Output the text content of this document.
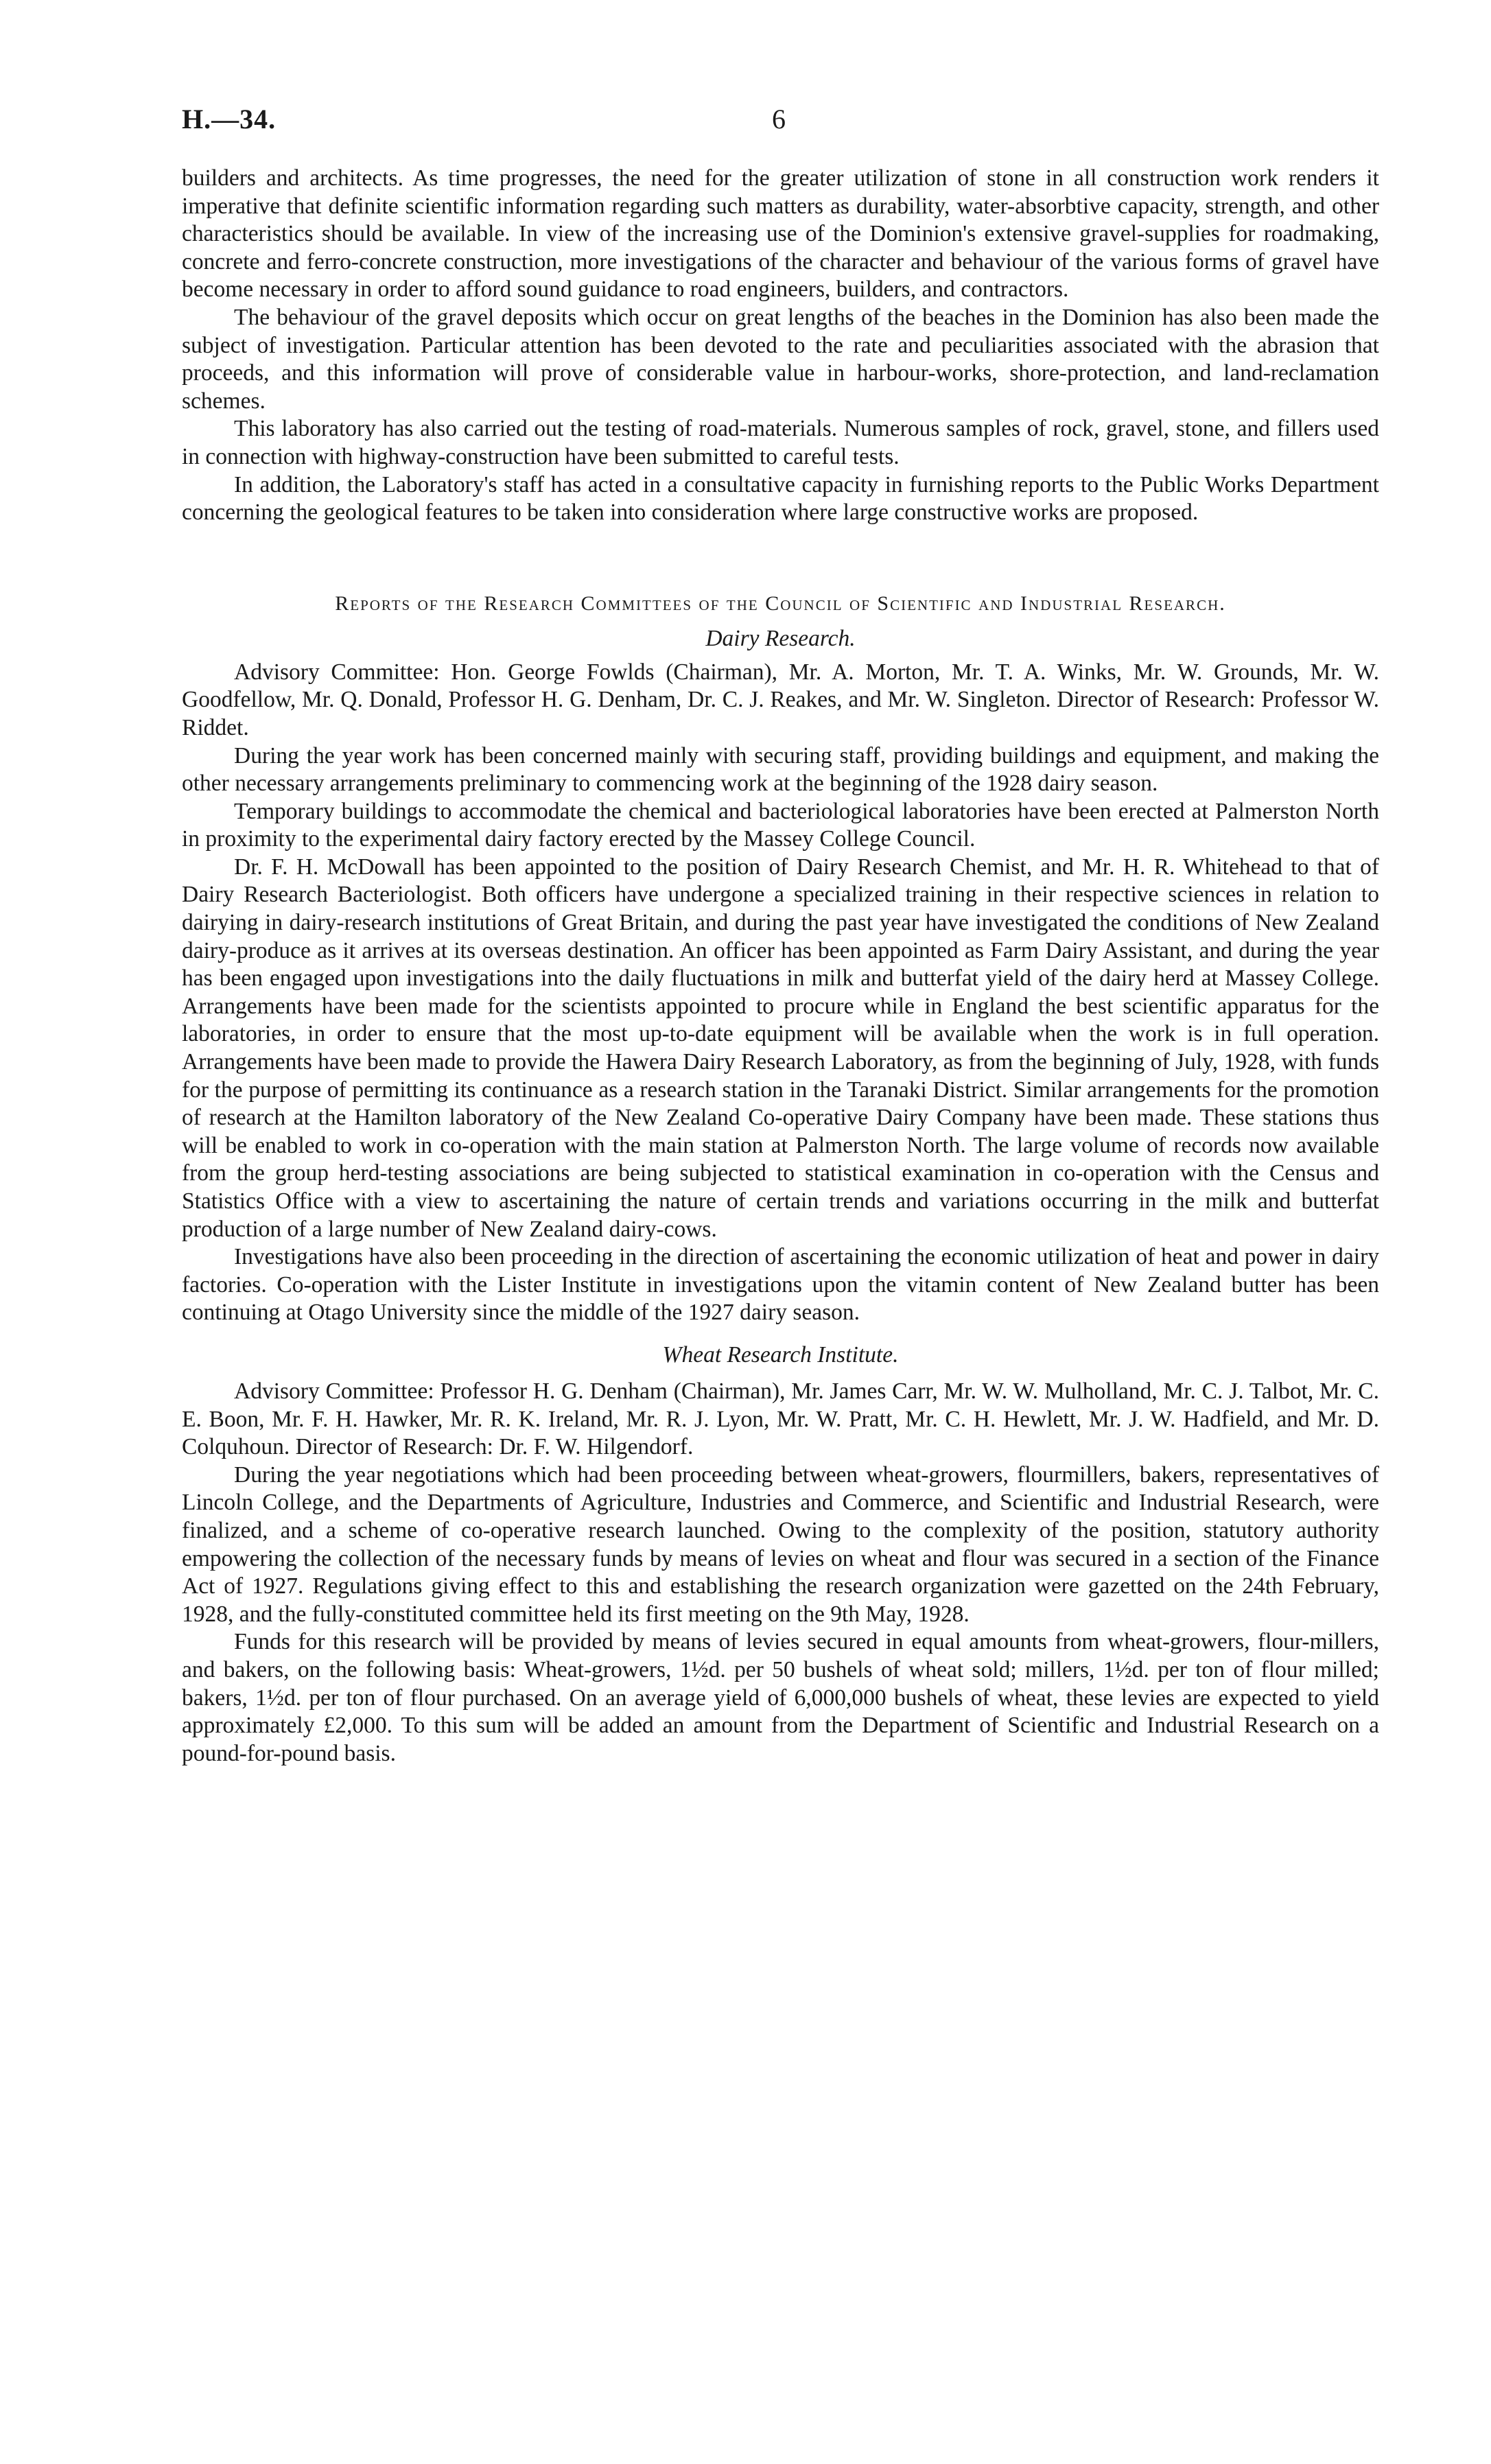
H.—34.	6

builders and architects. As time progresses, the need for the greater utilization of stone in all construction work renders it imperative that definite scientific information regarding such matters as durability, water-absorbtive capacity, strength, and other characteristics should be available. In view of the increasing use of the Dominion's extensive gravel-supplies for roadmaking, concrete and ferro-concrete construction, more investigations of the character and behaviour of the various forms of gravel have become necessary in order to afford sound guidance to road engineers, builders, and contractors.

The behaviour of the gravel deposits which occur on great lengths of the beaches in the Dominion has also been made the subject of investigation. Particular attention has been devoted to the rate and peculiarities associated with the abrasion that proceeds, and this information will prove of considerable value in harbour-works, shore-protection, and land-reclamation schemes.

This laboratory has also carried out the testing of road-materials. Numerous samples of rock, gravel, stone, and fillers used in connection with highway-construction have been submitted to careful tests.

In addition, the Laboratory's staff has acted in a consultative capacity in furnishing reports to the Public Works Department concerning the geological features to be taken into consideration where large constructive works are proposed.

Reports of the Research Committees of the Council of Scientific and Industrial Research.
Dairy Research.

Advisory Committee: Hon. George Fowlds (Chairman), Mr. A. Morton, Mr. T. A. Winks, Mr. W. Grounds, Mr. W. Goodfellow, Mr. Q. Donald, Professor H. G. Denham, Dr. C. J. Reakes, and Mr. W. Singleton. Director of Research: Professor W. Riddet.

During the year work has been concerned mainly with securing staff, providing buildings and equipment, and making the other necessary arrangements preliminary to commencing work at the beginning of the 1928 dairy season.

Temporary buildings to accommodate the chemical and bacteriological laboratories have been erected at Palmerston North in proximity to the experimental dairy factory erected by the Massey College Council.

Dr. F. H. McDowall has been appointed to the position of Dairy Research Chemist, and Mr. H. R. Whitehead to that of Dairy Research Bacteriologist. Both officers have undergone a specialized training in their respective sciences in relation to dairying in dairy-research institutions of Great Britain, and during the past year have investigated the conditions of New Zealand dairy-produce as it arrives at its overseas destination. An officer has been appointed as Farm Dairy Assistant, and during the year has been engaged upon investigations into the daily fluctuations in milk and butterfat yield of the dairy herd at Massey College. Arrangements have been made for the scientists appointed to procure while in England the best scientific apparatus for the laboratories, in order to ensure that the most up-to-date equipment will be available when the work is in full operation. Arrangements have been made to provide the Hawera Dairy Research Laboratory, as from the beginning of July, 1928, with funds for the purpose of permitting its continuance as a research station in the Taranaki District. Similar arrangements for the promotion of research at the Hamilton laboratory of the New Zealand Co-operative Dairy Company have been made. These stations thus will be enabled to work in co-operation with the main station at Palmerston North. The large volume of records now available from the group herd-testing associations are being subjected to statistical examination in co-operation with the Census and Statistics Office with a view to ascertaining the nature of certain trends and variations occurring in the milk and butterfat production of a large number of New Zealand dairy-cows.

Investigations have also been proceeding in the direction of ascertaining the economic utilization of heat and power in dairy factories. Co-operation with the Lister Institute in investigations upon the vitamin content of New Zealand butter has been continuing at Otago University since the middle of the 1927 dairy season.

Wheat Research Institute.

Advisory Committee: Professor H. G. Denham (Chairman), Mr. James Carr, Mr. W. W. Mulholland, Mr. C. J. Talbot, Mr. C. E. Boon, Mr. F. H. Hawker, Mr. R. K. Ireland, Mr. R. J. Lyon, Mr. W. Pratt, Mr. C. H. Hewlett, Mr. J. W. Hadfield, and Mr. D. Colquhoun. Director of Research: Dr. F. W. Hilgendorf.

During the year negotiations which had been proceeding between wheat-growers, flourmillers, bakers, representatives of Lincoln College, and the Departments of Agriculture, Industries and Commerce, and Scientific and Industrial Research, were finalized, and a scheme of co-operative research launched. Owing to the complexity of the position, statutory authority empowering the collection of the necessary funds by means of levies on wheat and flour was secured in a section of the Finance Act of 1927. Regulations giving effect to this and establishing the research organization were gazetted on the 24th February, 1928, and the fully-constituted committee held its first meeting on the 9th May, 1928.

Funds for this research will be provided by means of levies secured in equal amounts from wheat-growers, flour-millers, and bakers, on the following basis: Wheat-growers, 1½d. per 50 bushels of wheat sold; millers, 1½d. per ton of flour milled; bakers, 1½d. per ton of flour purchased. On an average yield of 6,000,000 bushels of wheat, these levies are expected to yield approximately £2,000. To this sum will be added an amount from the Department of Scientific and Industrial Research on a pound-for-pound basis.
